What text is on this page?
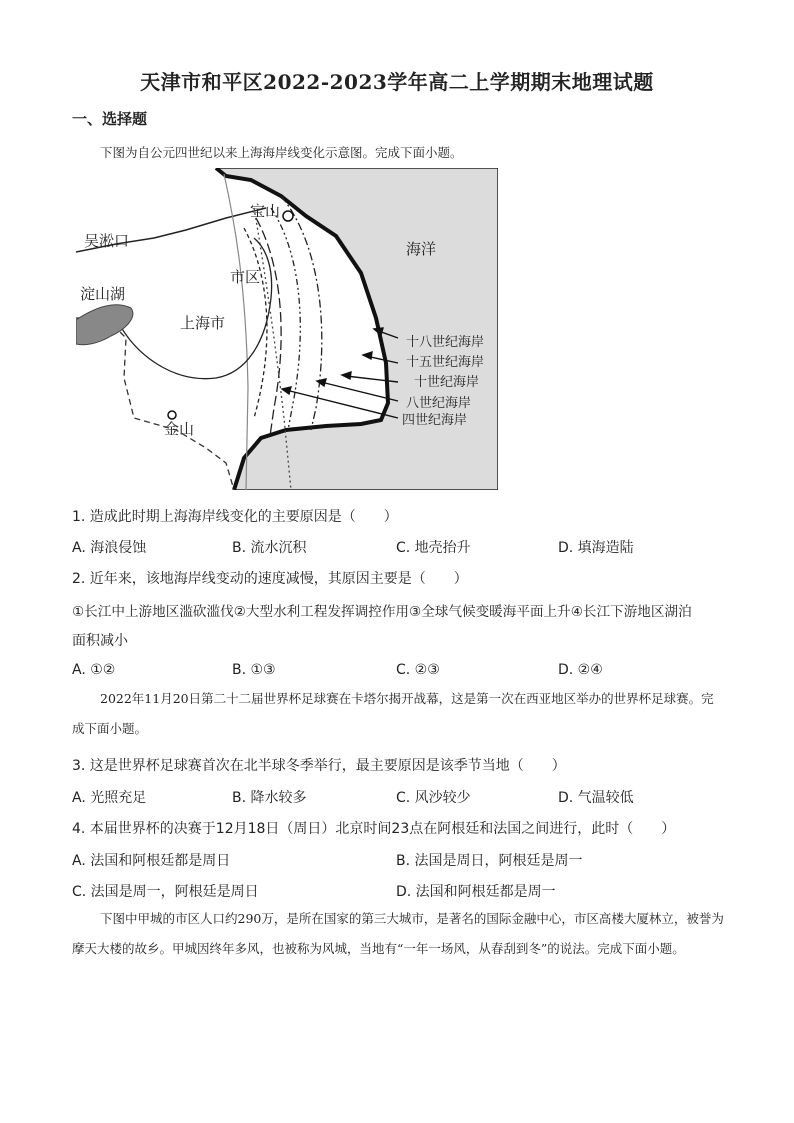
天津市和平区2022-2023学年高二上学期期末地理试题
一、选择题
下图为自公元四世纪以来上海海岸线变化示意图。完成下面小题。
宝山
吴淞口	海洋
市区
淀山湖
上海市
金山
十八世纪海岸
十五世纪海岸
十世纪海岸
八世纪海岸
四世纪海岸
1. 造成此时期上海海岸线变化的主要原因是（　　）
A. 海浪侵蚀	B. 流水沉积	C. 地壳抬升	D. 填海造陆
2. 近年来，该地海岸线变动的速度减慢，其原因主要是（　　）
①长江中上游地区滥砍滥伐②大型水利工程发挥调控作用③全球气候变暖海平面上升④长江下游地区湖泊
面积减小
A. ①②	B. ①③	C. ②③	D. ②④
2022年11月20日第二十二届世界杯足球赛在卡塔尔揭开战幕，这是第一次在西亚地区举办的世界杯足球赛。完成下面小题。
3. 这是世界杯足球赛首次在北半球冬季举行，最主要原因是该季节当地（　　）
A. 光照充足	B. 降水较多	C. 风沙较少	D. 气温较低
4. 本届世界杯的决赛于12月18日（周日）北京时间23点在阿根廷和法国之间进行，此时（　　）
A. 法国和阿根廷都是周日	B. 法国是周日，阿根廷是周一
C. 法国是周一，阿根廷是周日	D. 法国和阿根廷都是周一
下图中甲城的市区人口约290万，是所在国家的第三大城市，是著名的国际金融中心，市区高楼大厦林立，被誉为摩天大楼的故乡。甲城因终年多风，也被称为风城，当地有“一年一场风，从春刮到冬”的说法。完成下面小题。
